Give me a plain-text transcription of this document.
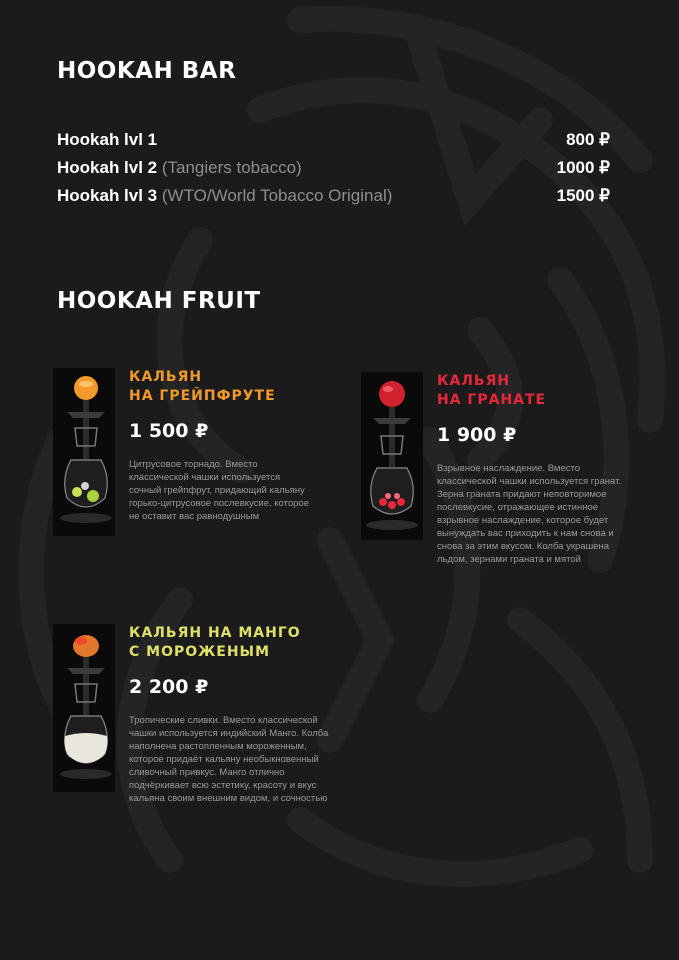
HOOKAH BAR
Hookah lvl 1	800 ₽
Hookah lvl 2 (Tangiers tobacco)	1000 ₽
Hookah lvl 3 (WTO/World Tobacco Original)	1500 ₽
HOOKAH FRUIT
КАЛЬЯН
НА ГРЕЙПФРУТЕ
1 500 ₽
Цитрусовое торнадо. Вместо классической чашки используется сочный грейпфрут, придающий кальяну горько-цитрусовое послевкусие, которое не оставит вас равнодушным
КАЛЬЯН
НА ГРАНАТЕ
1 900 ₽
Взрывное наслаждение. Вместо классической чашки используется гранат. Зерна граната придают неповторимое послевкусие, отражающее истинное взрывное наслаждение, которое будет вынуждать вас приходить к нам снова и снова за этим вкусом. Колба украшена льдом, зернами граната и мятой
КАЛЬЯН НА МАНГО
С МОРОЖЕНЫМ
2 200 ₽
Тропические сливки. Вместо классической чашки используется индийский Манго. Колба наполнена растопленным мороженным, которое придаёт кальяну необыкновенный сливочный привкус. Манго отлично подчёркивает всю эстетику, красоту и вкус кальяна своим внешним видом, и сочностью
